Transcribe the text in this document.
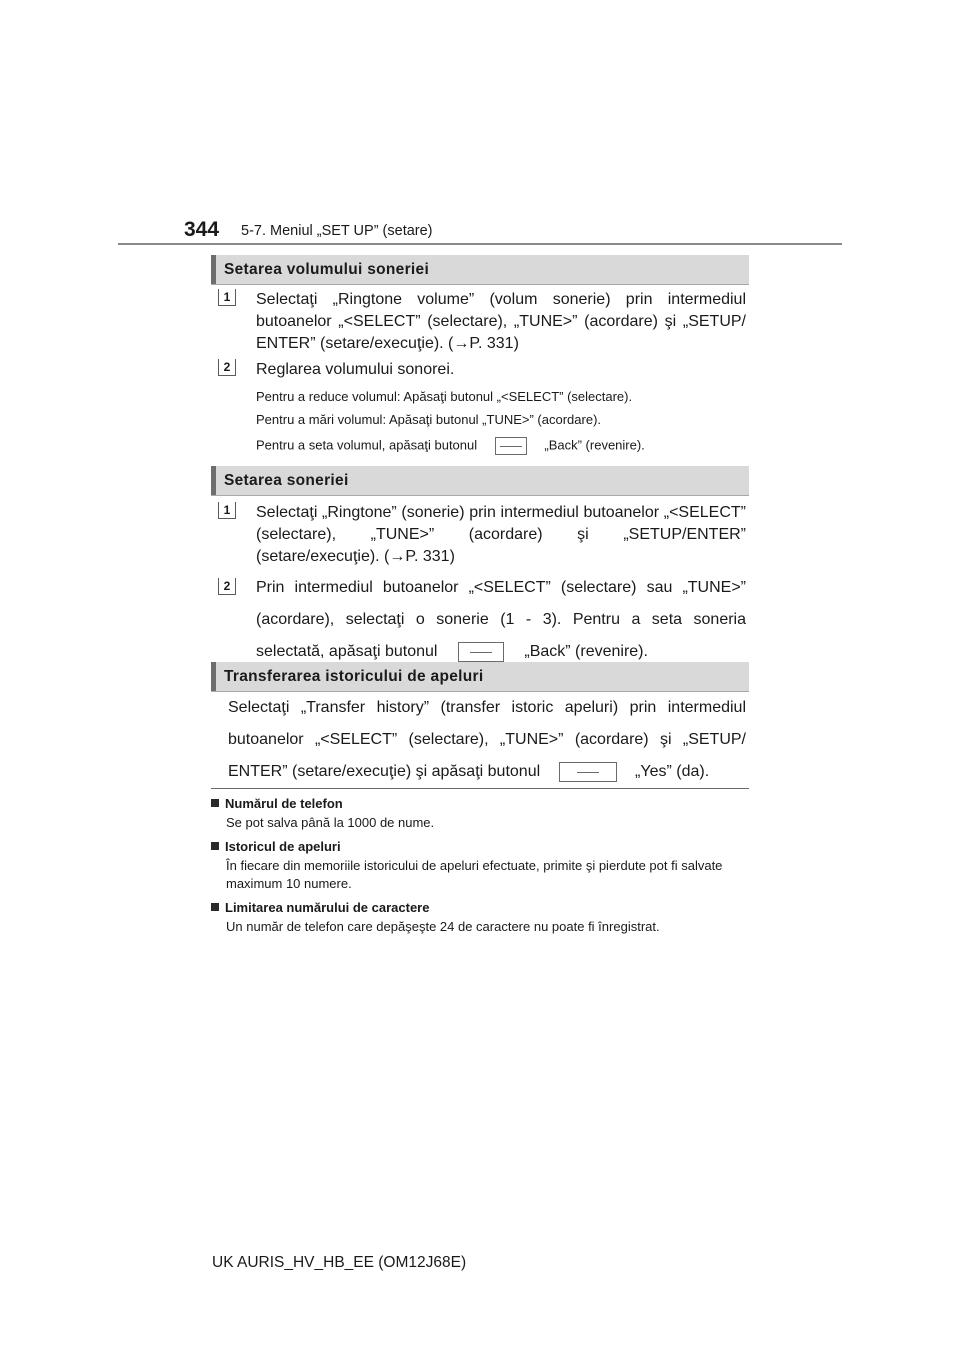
344 5-7. Meniul „SET UP” (setare)
Setarea volumului soneriei
1	Selectaţi „Ringtone volume” (volum sonerie) prin intermediul butoanelor „<SELECT” (selectare), „TUNE>” (acordare) şi „SETUP/ ENTER” (setare/execuţie). (→P. 331)

2	Reglarea volumului sonorei.

Pentru a reduce volumul: Apăsaţi butonul „<SELECT” (selectare).

Pentru a mări volumul: Apăsaţi butonul „TUNE>” (acordare).

Pentru a seta volumul, apăsaţi butonul	„Back” (revenire).

Setarea soneriei
1	Selectaţi „Ringtone” (sonerie) prin intermediul butoanelor „<SELECT” (selectare), „TUNE>” (acordare) şi „SETUP/ENTER” (setare/execuţie). (→P. 331)

2	Prin intermediul butoanelor „<SELECT” (selectare) sau „TUNE>” (acordare), selectaţi o sonerie (1 - 3). Pentru a seta soneria selectată, apăsaţi butonul	„Back” (revenire).

Transferarea istoricului de apeluri

Selectaţi „Transfer history” (transfer istoric apeluri) prin intermediul butoanelor „<SELECT” (selectare), „TUNE>” (acordare) şi „SETUP/ ENTER” (setare/execuţie) şi apăsaţi butonul	„Yes” (da).

Numărul de telefon
Se pot salva până la 1000 de nume.
Istoricul de apeluri
În fiecare din memoriile istoricului de apeluri efectuate, primite şi pierdute pot fi salvate maximum 10 numere.
Limitarea numărului de caractere
Un număr de telefon care depăşeşte 24 de caractere nu poate fi înregistrat.
UK AURIS_HV_HB_EE (OM12J68E)
